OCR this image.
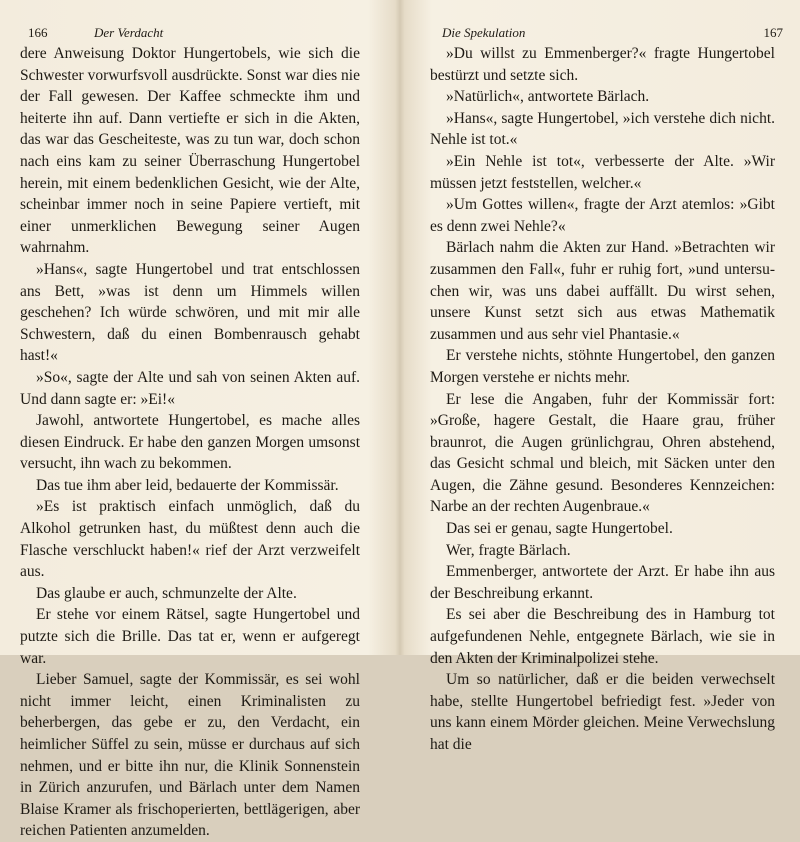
166	Der Verdacht

dere Anweisung Doktor Hungertobels, wie sich die Schwester vorwurfsvoll ausdrückte. Sonst war dies nie der Fall gewesen. Der Kaffee schmeckte ihm und heiterte ihn auf. Dann vertiefte er sich in die Akten, das war das Gescheiteste, was zu tun war, doch schon nach eins kam zu seiner Überraschung Hungertobel herein, mit einem bedenklichen Gesicht, wie der Alte, scheinbar immer noch in seine Papiere vertieft, mit einer unmerklichen Bewegung seiner Augen wahrnahm.

»Hans«, sagte Hungertobel und trat entschlossen ans Bett, »was ist denn um Himmels willen geschehen? Ich würde schwören, und mit mir alle Schwestern, daß du einen Bombenrausch gehabt hast!«

»So«, sagte der Alte und sah von seinen Akten auf. Und dann sagte er: »Ei!«

Jawohl, antwortete Hungertobel, es mache alles diesen Eindruck. Er habe den ganzen Morgen umsonst versucht, ihn wach zu bekommen.

Das tue ihm aber leid, bedauerte der Kommissär.

»Es ist praktisch einfach unmöglich, daß du Alkohol getrunken hast, du müßtest denn auch die Flasche verschluckt haben!« rief der Arzt verzweifelt aus.

Das glaube er auch, schmunzelte der Alte.

Er stehe vor einem Rätsel, sagte Hungertobel und putzte sich die Brille. Das tat er, wenn er aufgeregt war.

Lieber Samuel, sagte der Kommissär, es sei wohl nicht immer leicht, einen Kriminalisten zu beherbergen, das gebe er zu, den Verdacht, ein heimlicher Süffel zu sein, müsse er durchaus auf sich nehmen, und er bitte ihn nur, die Klinik Sonnenstein in Zürich anzurufen, und Bärlach unter dem Namen Blaise Kramer als frischoperierten, bettlägerigen, aber reichen Patienten anzumelden.

Die Spekulation	167

»Du willst zu Emmenberger?« fragte Hungertobel bestürzt und setzte sich.

»Natürlich«, antwortete Bärlach.

»Hans«, sagte Hungertobel, »ich verstehe dich nicht. Nehle ist tot.«

»Ein Nehle ist tot«, verbesserte der Alte. »Wir müssen jetzt feststellen, welcher.«

»Um Gottes willen«, fragte der Arzt atemlos: »Gibt es denn zwei Nehle?«

Bärlach nahm die Akten zur Hand. »Betrachten wir zusammen den Fall«, fuhr er ruhig fort, »und untersuchen wir, was uns dabei auffällt. Du wirst sehen, unsere Kunst setzt sich aus etwas Mathematik zusammen und aus sehr viel Phantasie.«

Er verstehe nichts, stöhnte Hungertobel, den ganzen Morgen verstehe er nichts mehr.

Er lese die Angaben, fuhr der Kommissär fort: »Große, hagere Gestalt, die Haare grau, früher braunrot, die Augen grünlichgrau, Ohren abstehend, das Gesicht schmal und bleich, mit Säcken unter den Augen, die Zähne gesund. Besonderes Kennzeichen: Narbe an der rechten Augenbraue.«

Das sei er genau, sagte Hungertobel.

Wer, fragte Bärlach.

Emmenberger, antwortete der Arzt. Er habe ihn aus der Beschreibung erkannt.

Es sei aber die Beschreibung des in Hamburg tot aufgefundenen Nehle, entgegnete Bärlach, wie sie in den Akten der Kriminalpolizei stehe.

Um so natürlicher, daß er die beiden verwechselt habe, stellte Hungertobel befriedigt fest. »Jeder von uns kann einem Mörder gleichen. Meine Verwechslung hat die
